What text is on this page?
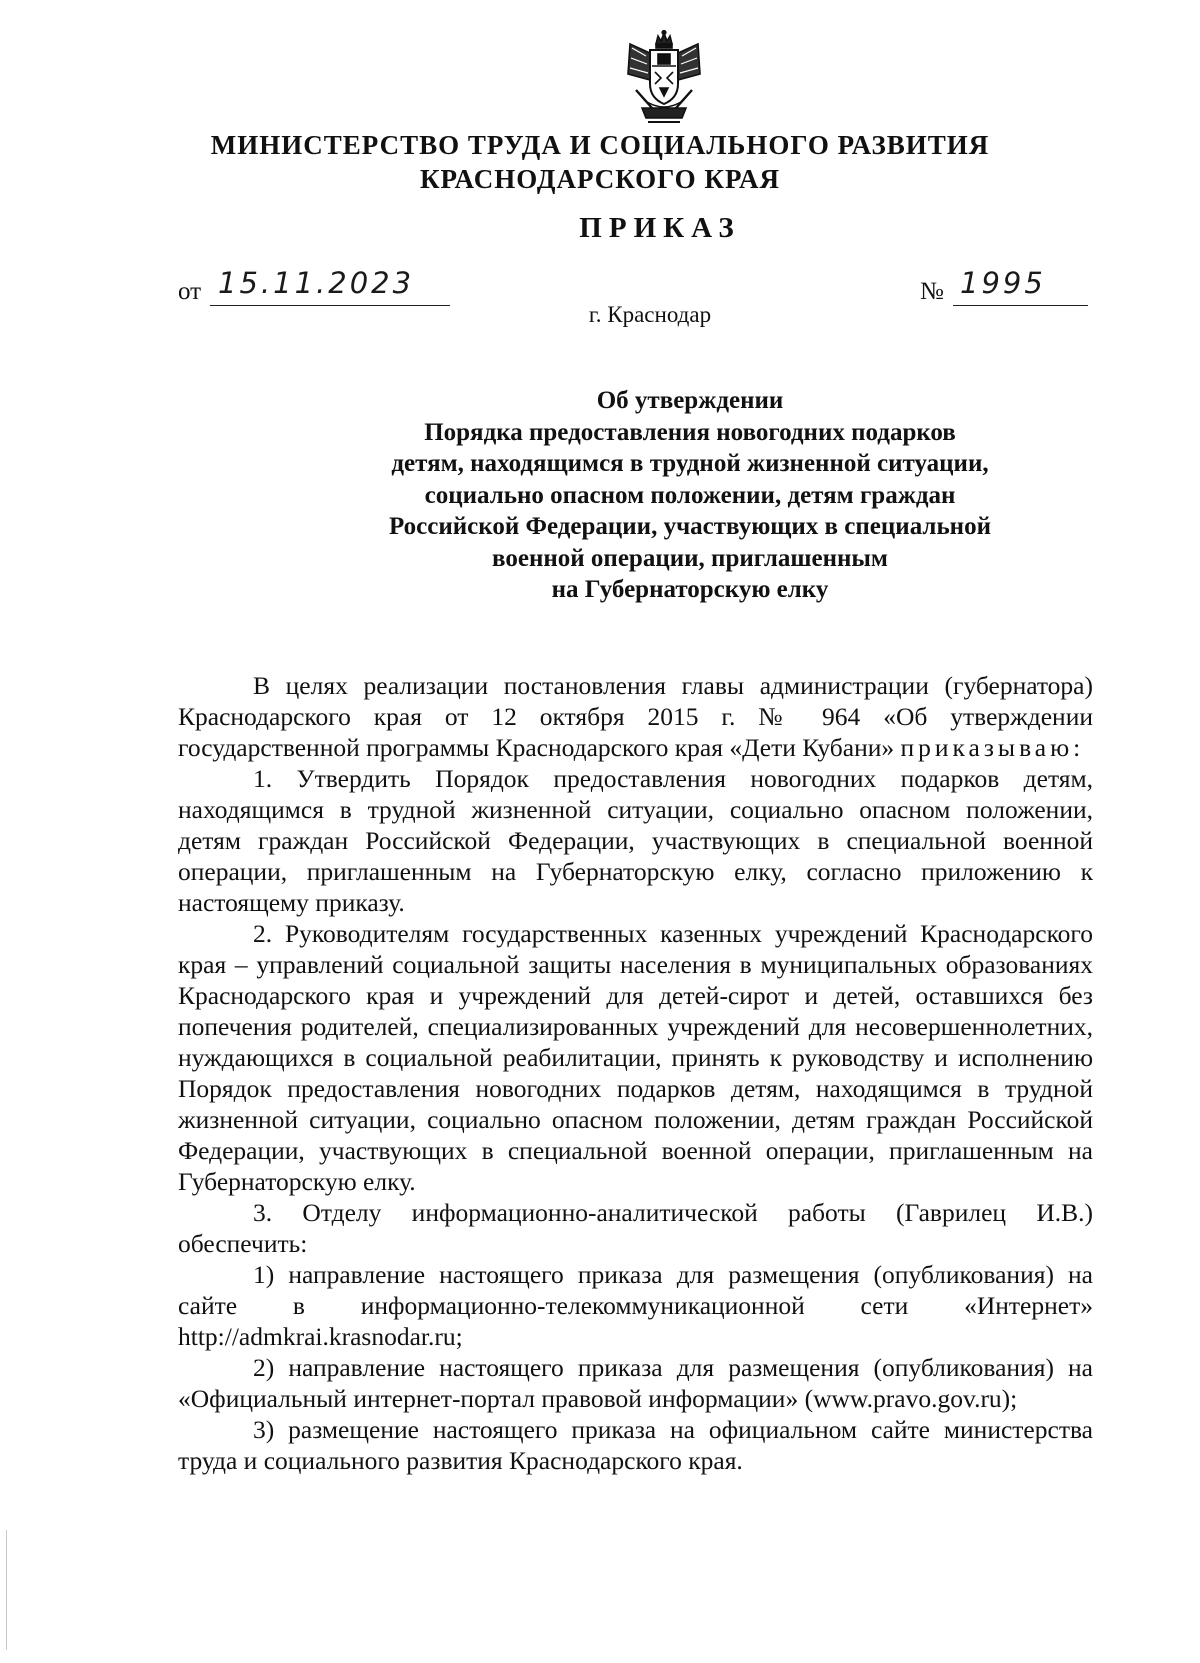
МИНИСТЕРСТВО ТРУДА И СОЦИАЛЬНОГО РАЗВИТИЯ
КРАСНОДАРСКОГО КРАЯ
ПРИКАЗ
от 15.11.2023	№ 1995
г. Краснодар
Об утверждении
Порядка предоставления новогодних подарков
детям, находящимся в трудной жизненной ситуации,
социально опасном положении, детям граждан
Российской Федерации, участвующих в специальной
военной операции, приглашенным
на Губернаторскую елку

В целях реализации постановления главы администрации (губернатора) Краснодарского края от 12 октября 2015 г. № 964 «Об утверждении государственной программы Краснодарского края «Дети Кубани» приказываю:

1. Утвердить Порядок предоставления новогодних подарков детям, находящимся в трудной жизненной ситуации, социально опасном положении, детям граждан Российской Федерации, участвующих в специальной военной операции, приглашенным на Губернаторскую елку, согласно приложению к настоящему приказу.

2. Руководителям государственных казенных учреждений Краснодарского края – управлений социальной защиты населения в муниципальных образованиях Краснодарского края и учреждений для детей-сирот и детей, оставшихся без попечения родителей, специализированных учреждений для несовершеннолетних, нуждающихся в социальной реабилитации, принять к руководству и исполнению Порядок предоставления новогодних подарков детям, находящимся в трудной жизненной ситуации, социально опасном положении, детям граждан Российской Федерации, участвующих в специальной военной операции, приглашенным на Губернаторскую елку.

3. Отделу информационно-аналитической работы (Гаврилец И.В.) обеспечить:

1) направление настоящего приказа для размещения (опубликования) на сайте в информационно-телекоммуникационной сети «Интернет» http://admkrai.krasnodar.ru;

2) направление настоящего приказа для размещения (опубликования) на «Официальный интернет-портал правовой информации» (www.pravo.gov.ru);

3) размещение настоящего приказа на официальном сайте министерства труда и социального развития Краснодарского края.
